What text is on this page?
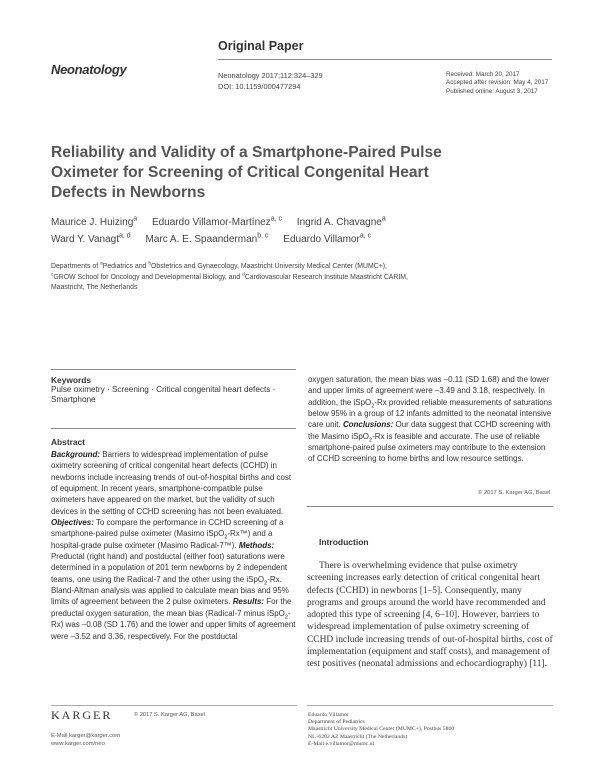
Original Paper
Neonatology	Neonatology 2017;112:324–329
DOI: 10.1159/000477294
Received: March 20, 2017
Accepted after revision: May 4, 2017
Published online: August 3, 2017
Reliability and Validity of a Smartphone-Paired Pulse Oximeter for Screening of Critical Congenital Heart Defects in Newborns
Maurice J. Huizing$^a$ Eduardo Villamor-Martínez$^{a, c}$ Ingrid A. Chavagne$^a$
Ward Y. Vanagt$^{a, d}$ Marc A. E. Spaanderman$^{b, c}$ Eduardo Villamor$^{a, c}$
Departments of $^a$Pediatrics and $^b$Obstetrics and Gynaecology, Maastricht University Medical Center (MUMC+),
$^c$GROW School for Oncology and Developmental Biology, and $^d$Cardiovascular Research Institute Maastricht CARIM,
Maastricht, The Netherlands
Keywords
Pulse oximetry · Screening · Critical congenital heart defects · Smartphone
Abstract
Background: Barriers to widespread implementation of pulse oximetry screening of critical congenital heart defects (CCHD) in newborns include increasing trends of out-of-hospital births and cost of equipment. In recent years, smartphone-compatible pulse oximeters have appeared on the market, but the validity of such devices in the setting of CCHD screening has not been evaluated. Objectives: To compare the performance in CCHD screening of a smartphone-paired pulse oximeter (Masimo iSpO$_2$-Rx™) and a hospital-grade pulse oximeter (Masimo Radical-7™). Methods: Preductal (right hand) and postductal (either foot) saturations were determined in a population of 201 term newborns by 2 independent teams, one using the Radical-7 and the other using the iSpO$_2$-Rx. Bland-Altman analysis was applied to calculate mean bias and 95% limits of agreement between the 2 pulse oximeters. Results: For the preductal oxygen saturation, the mean bias (Radical-7 minus iSpO$_2$-Rx) was –0.08 (SD 1.76) and the lower and upper limits of agreement were –3.52 and 3.36, respectively. For the postductal
oxygen saturation, the mean bias was –0.11 (SD 1.68) and the lower and upper limits of agreement were –3.49 and 3.18, respectively. In addition, the iSpO$_2$-Rx provided reliable measurements of saturations below 95% in a group of 12 infants admitted to the neonatal intensive care unit. Conclusions: Our data suggest that CCHD screening with the Masimo iSpO$_2$-Rx is feasible and accurate. The use of reliable smartphone-paired pulse oximeters may contribute to the extension of CCHD screening to home births and low resource settings.
© 2017 S. Karger AG, Basel
Introduction
There is overwhelming evidence that pulse oximetry screening increases early detection of critical congenital heart defects (CCHD) in newborns [1–5]. Consequently, many programs and groups around the world have recommended and adopted this type of screening [4, 6–10]. However, barriers to widespread implementation of pulse oximetry screening of CCHD include increasing trends of out-of-hospital births, cost of implementation (equipment and staff costs), and management of test positives (neonatal admissions and echocardiography) [11].
KARGER	© 2017 S. Karger AG, Basel
E-Mail karger@karger.com
www.karger.com/neo
Eduardo Villamor
Department of Pediatrics
Maastricht University Medical Center (MUMC+), Postbus 5800
NL–6202 AZ Maastricht (The Netherlands)
E-Mail e.villamor@mumc.nl
